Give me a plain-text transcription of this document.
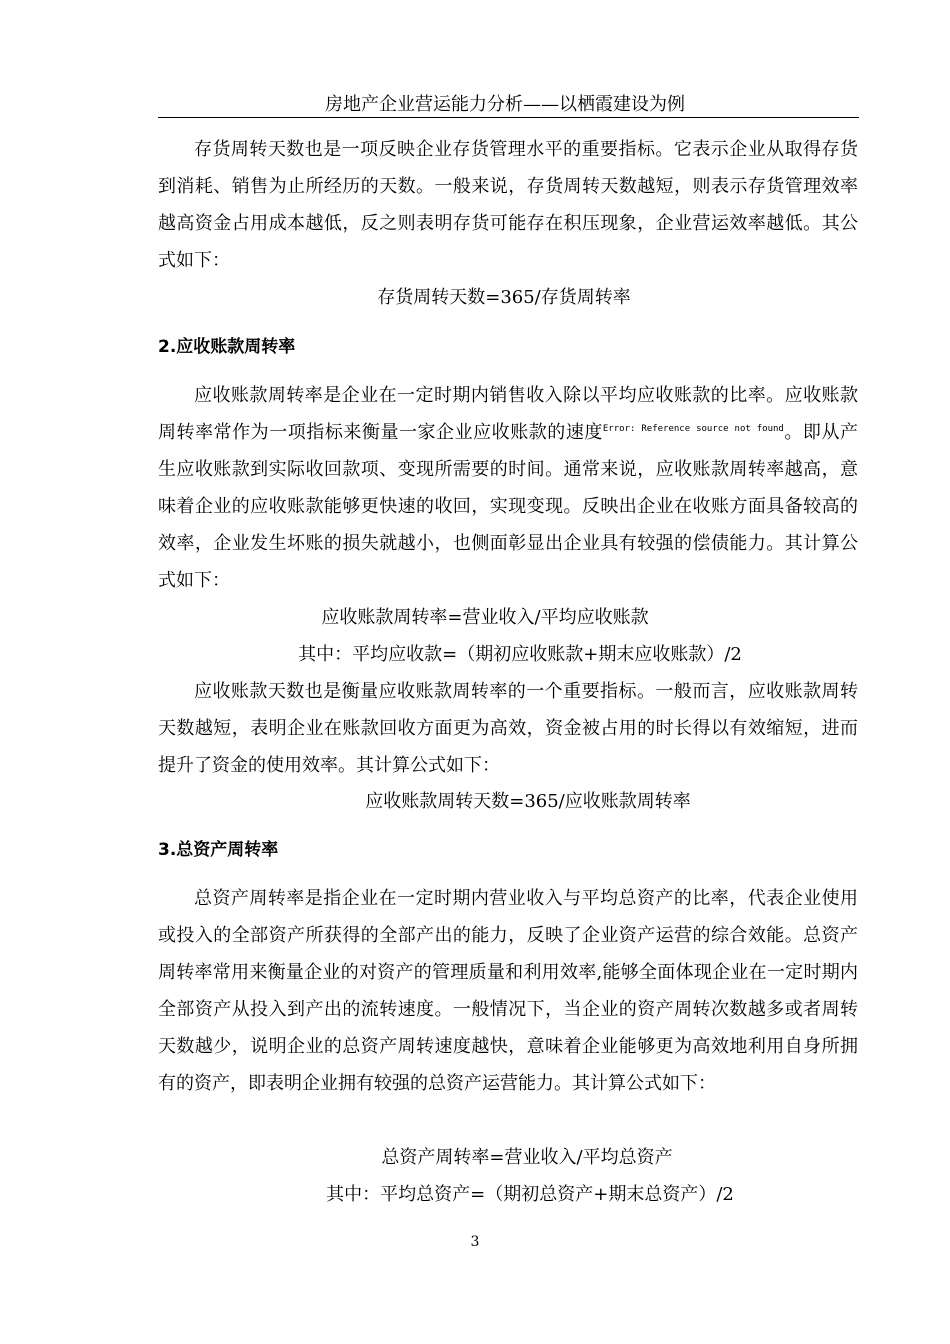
房地产企业营运能力分析——以栖霞建设为例

存货周转天数也是一项反映企业存货管理水平的重要指标。它表示企业从取得存货到消耗、销售为止所经历的天数。一般来说，存货周转天数越短，则表示存货管理效率越高资金占用成本越低，反之则表明存货可能存在积压现象，企业营运效率越低。其公式如下：

存货周转天数=365/存货周转率

2.应收账款周转率

应收账款周转率是企业在一定时期内销售收入除以平均应收账款的比率。应收账款周转率常作为一项指标来衡量一家企业应收账款的速度$^{Error: Reference source not found}$。即从产生应收账款到实际收回款项、变现所需要的时间。通常来说，应收账款周转率越高，意味着企业的应收账款能够更快速的收回，实现变现。反映出企业在收账方面具备较高的效率，企业发生坏账的损失就越小，也侧面彰显出企业具有较强的偿债能力。其计算公式如下：

应收账款周转率=营业收入/平均应收账款

其中：平均应收款=（期初应收账款+期末应收账款）/2

应收账款天数也是衡量应收账款周转率的一个重要指标。一般而言，应收账款周转天数越短，表明企业在账款回收方面更为高效，资金被占用的时长得以有效缩短，进而提升了资金的使用效率。其计算公式如下：

应收账款周转天数=365/应收账款周转率

3.总资产周转率

总资产周转率是指企业在一定时期内营业收入与平均总资产的比率，代表企业使用或投入的全部资产所获得的全部产出的能力，反映了企业资产运营的综合效能。总资产周转率常用来衡量企业的对资产的管理质量和利用效率,能够全面体现企业在一定时期内全部资产从投入到产出的流转速度。一般情况下，当企业的资产周转次数越多或者周转天数越少，说明企业的总资产周转速度越快，意味着企业能够更为高效地利用自身所拥有的资产，即表明企业拥有较强的总资产运营能力。其计算公式如下：

总资产周转率=营业收入/平均总资产

其中：平均总资产=（期初总资产+期末总资产）/2

3
